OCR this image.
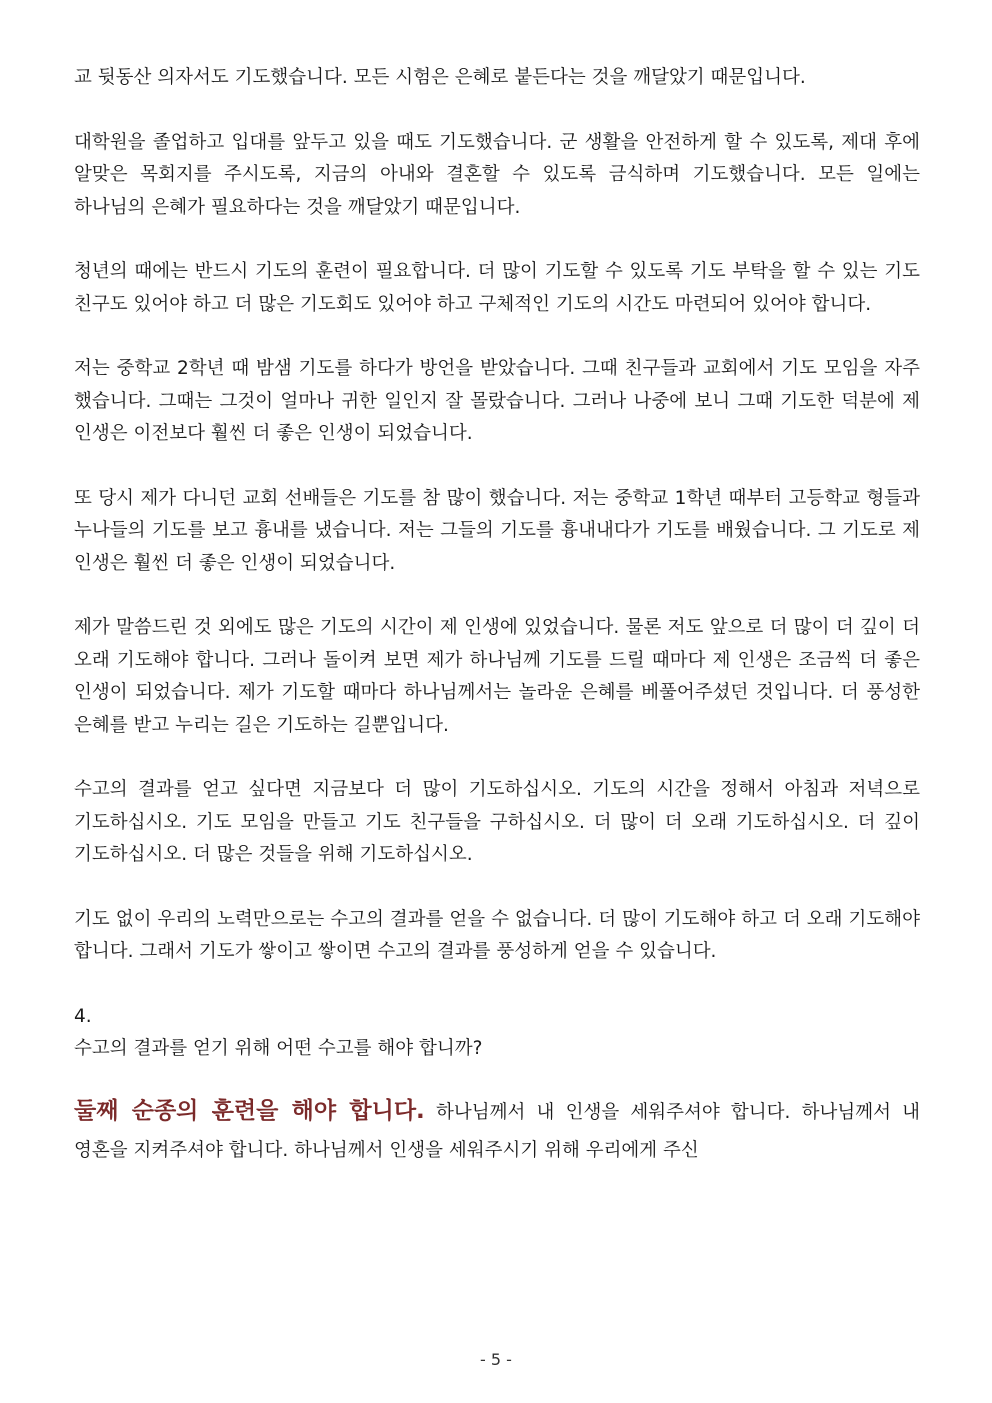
교 뒷동산 의자서도 기도했습니다. 모든 시험은 은혜로 붙든다는 것을 깨달았기 때문입니다.

대학원을 졸업하고 입대를 앞두고 있을 때도 기도했습니다. 군 생활을 안전하게 할 수 있도록, 제대 후에 알맞은 목회지를 주시도록, 지금의 아내와 결혼할 수 있도록 금식하며 기도했습니다. 모든 일에는 하나님의 은혜가 필요하다는 것을 깨달았기 때문입니다.

청년의 때에는 반드시 기도의 훈련이 필요합니다. 더 많이 기도할 수 있도록 기도 부탁을 할 수 있는 기도 친구도 있어야 하고 더 많은 기도회도 있어야 하고 구체적인 기도의 시간도 마련되어 있어야 합니다.

저는 중학교 2학년 때 밤샘 기도를 하다가 방언을 받았습니다. 그때 친구들과 교회에서 기도 모임을 자주 했습니다. 그때는 그것이 얼마나 귀한 일인지 잘 몰랐습니다. 그러나 나중에 보니 그때 기도한 덕분에 제 인생은 이전보다 훨씬 더 좋은 인생이 되었습니다.

또 당시 제가 다니던 교회 선배들은 기도를 참 많이 했습니다. 저는 중학교 1학년 때부터 고등학교 형들과 누나들의 기도를 보고 흉내를 냈습니다. 저는 그들의 기도를 흉내내다가 기도를 배웠습니다. 그 기도로 제 인생은 훨씬 더 좋은 인생이 되었습니다.

제가 말씀드린 것 외에도 많은 기도의 시간이 제 인생에 있었습니다. 물론 저도 앞으로 더 많이 더 깊이 더 오래 기도해야 합니다. 그러나 돌이켜 보면 제가 하나님께 기도를 드릴 때마다 제 인생은 조금씩 더 좋은 인생이 되었습니다. 제가 기도할 때마다 하나님께서는 놀라운 은혜를 베풀어주셨던 것입니다. 더 풍성한 은혜를 받고 누리는 길은 기도하는 길뿐입니다.

수고의 결과를 얻고 싶다면 지금보다 더 많이 기도하십시오. 기도의 시간을 정해서 아침과 저녁으로 기도하십시오. 기도 모임을 만들고 기도 친구들을 구하십시오. 더 많이 더 오래 기도하십시오. 더 깊이 기도하십시오. 더 많은 것들을 위해 기도하십시오.

기도 없이 우리의 노력만으로는 수고의 결과를 얻을 수 없습니다. 더 많이 기도해야 하고 더 오래 기도해야 합니다. 그래서 기도가 쌓이고 쌓이면 수고의 결과를 풍성하게 얻을 수 있습니다.

4.
수고의 결과를 얻기 위해 어떤 수고를 해야 합니까?

둘째 순종의 훈련을 해야 합니다. 하나님께서 내 인생을 세워주셔야 합니다. 하나님께서 내 영혼을 지켜주셔야 합니다. 하나님께서 인생을 세워주시기 위해 우리에게 주신

- 5 -
